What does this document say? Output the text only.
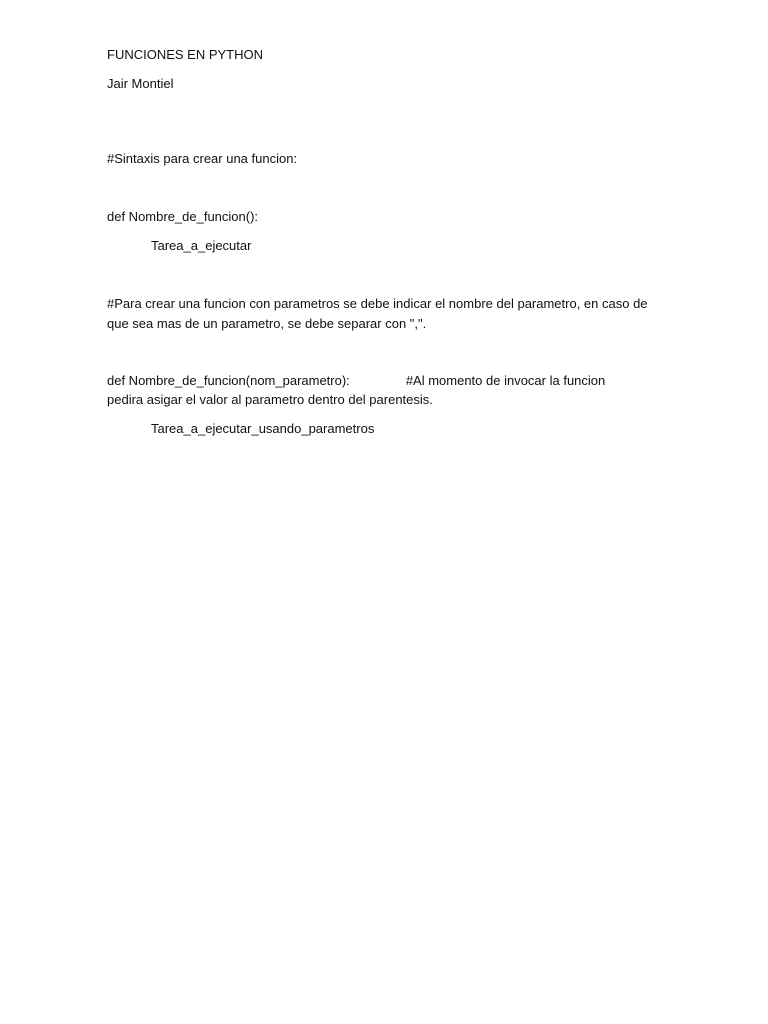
FUNCIONES EN PYTHON
Jair Montiel
#Sintaxis para crear una funcion:
def Nombre_de_funcion():
Tarea_a_ejecutar
#Para crear una funcion con parametros se debe indicar el nombre del parametro, en caso de que sea mas de un parametro, se debe separar con ",".
def Nombre_de_funcion(nom_parametro):	#Al momento de invocar la funcion
pedira asigar el valor al parametro dentro del parentesis.
Tarea_a_ejecutar_usando_parametros
